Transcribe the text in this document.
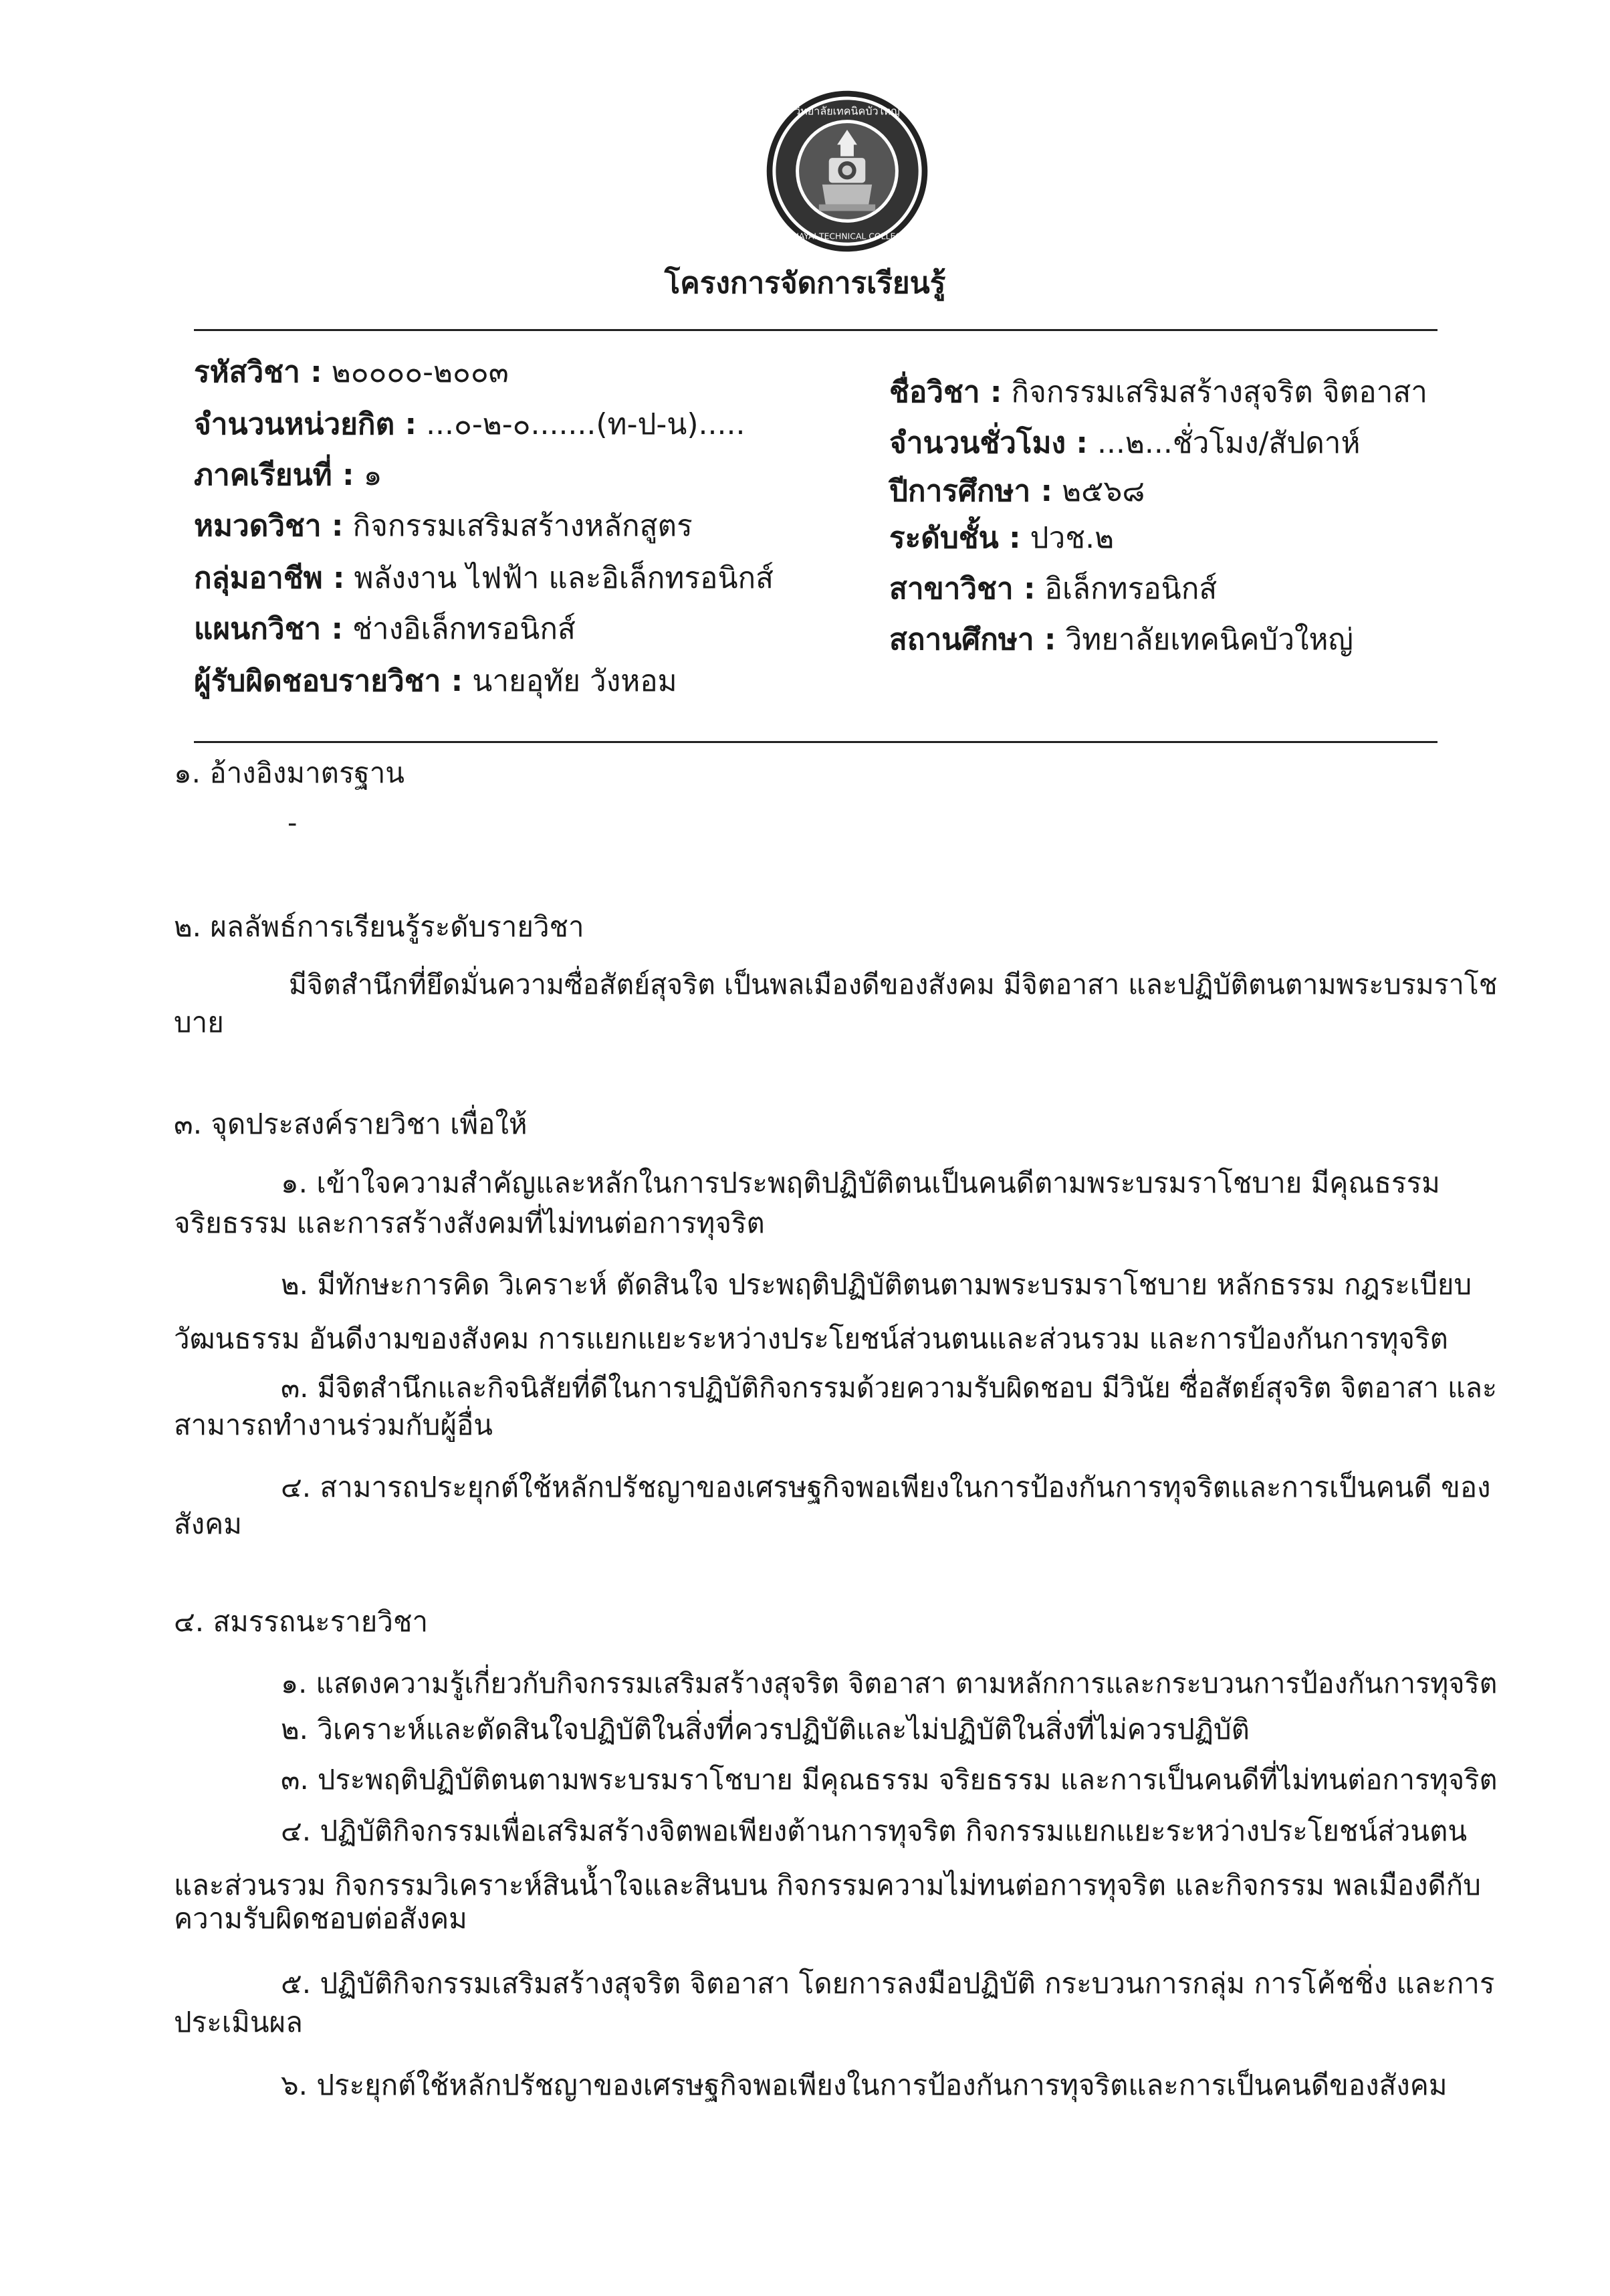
วิทยาลัยเทคนิคบัวใหญ่
BUAYAI TECHNICAL COLLEGE
โครงการจัดการเรียนรู้
รหัสวิชา : ๒๐๐๐๐-๒๐๐๓
จำนวนหน่วยกิต : ...๐-๒-๐.......(ท-ป-น).....
ภาคเรียนที่ : ๑
หมวดวิชา : กิจกรรมเสริมสร้างหลักสูตร
กลุ่มอาชีพ : พลังงาน ไฟฟ้า และอิเล็กทรอนิกส์
แผนกวิชา : ช่างอิเล็กทรอนิกส์
ผู้รับผิดชอบรายวิชา : นายอุทัย วังหอม
ชื่อวิชา : กิจกรรมเสริมสร้างสุจริต จิตอาสา
จำนวนชั่วโมง : ...๒...ชั่วโมง/สัปดาห์
ปีการศึกษา : ๒๕๖๘
ระดับชั้น : ปวช.๒
สาขาวิชา : อิเล็กทรอนิกส์
สถานศึกษา : วิทยาลัยเทคนิคบัวใหญ่
๑. อ้างอิงมาตรฐาน
-
๒. ผลลัพธ์การเรียนรู้ระดับรายวิชา
มีจิตสำนึกที่ยึดมั่นความซื่อสัตย์สุจริต เป็นพลเมืองดีของสังคม มีจิตอาสา และปฏิบัติตนตามพระบรมราโช
บาย
๓. จุดประสงค์รายวิชา เพื่อให้
๑. เข้าใจความสำคัญและหลักในการประพฤติปฏิบัติตนเป็นคนดีตามพระบรมราโชบาย มีคุณธรรม
จริยธรรม และการสร้างสังคมที่ไม่ทนต่อการทุจริต
๒. มีทักษะการคิด วิเคราะห์ ตัดสินใจ ประพฤติปฏิบัติตนตามพระบรมราโชบาย หลักธรรม กฎระเบียบ
วัฒนธรรม อันดีงามของสังคม การแยกแยะระหว่างประโยชน์ส่วนตนและส่วนรวม และการป้องกันการทุจริต
๓. มีจิตสำนึกและกิจนิสัยที่ดีในการปฏิบัติกิจกรรมด้วยความรับผิดชอบ มีวินัย ซื่อสัตย์สุจริต จิตอาสา และ
สามารถทำงานร่วมกับผู้อื่น
๔. สามารถประยุกต์ใช้หลักปรัชญาของเศรษฐกิจพอเพียงในการป้องกันการทุจริตและการเป็นคนดี ของ
สังคม
๔. สมรรถนะรายวิชา
๑. แสดงความรู้เกี่ยวกับกิจกรรมเสริมสร้างสุจริต จิตอาสา ตามหลักการและกระบวนการป้องกันการทุจริต
๒. วิเคราะห์และตัดสินใจปฏิบัติในสิ่งที่ควรปฏิบัติและไม่ปฏิบัติในสิ่งที่ไม่ควรปฏิบัติ
๓. ประพฤติปฏิบัติตนตามพระบรมราโชบาย มีคุณธรรม จริยธรรม และการเป็นคนดีที่ไม่ทนต่อการทุจริต
๔. ปฏิบัติกิจกรรมเพื่อเสริมสร้างจิตพอเพียงต้านการทุจริต กิจกรรมแยกแยะระหว่างประโยชน์ส่วนตน
และส่วนรวม กิจกรรมวิเคราะห์สินน้ำใจและสินบน กิจกรรมความไม่ทนต่อการทุจริต และกิจกรรม พลเมืองดีกับ
ความรับผิดชอบต่อสังคม
๕. ปฏิบัติกิจกรรมเสริมสร้างสุจริต จิตอาสา โดยการลงมือปฏิบัติ กระบวนการกลุ่ม การโค้ชชิ่ง และการ
ประเมินผล
๖. ประยุกต์ใช้หลักปรัชญาของเศรษฐกิจพอเพียงในการป้องกันการทุจริตและการเป็นคนดีของสังคม
